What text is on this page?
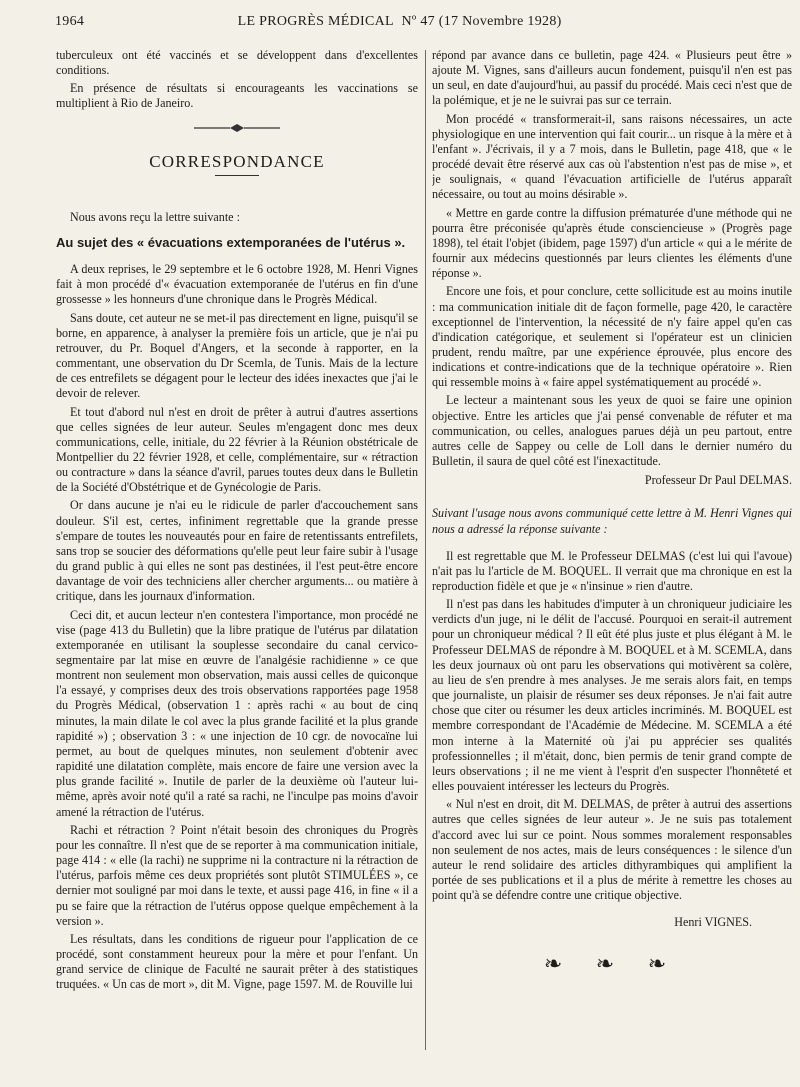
1964	LE PROGRÈS MÉDICAL Nº 47 (17 Novembre 1928)

tuberculeux ont été vaccinés et se développent dans d'excellentes conditions.

En présence de résultats si encourageants les vaccinations se multiplient à Rio de Janeiro.

CORRESPONDANCE

Nous avons reçu la lettre suivante :

Au sujet des « évacuations extemporanées de l'utérus ».

A deux reprises, le 29 septembre et le 6 octobre 1928, M. Henri Vignes fait à mon procédé d'« évacuation extemporanée de l'utérus en fin d'une grossesse » les honneurs d'une chronique dans le Progrès Médical.

Sans doute, cet auteur ne se met-il pas directement en ligne, puisqu'il se borne, en apparence, à analyser la première fois un article, que je n'ai pu retrouver, du Pr. Boquel d'Angers, et la seconde à rapporter, en la commentant, une observation du Dr Scemla, de Tunis. Mais de la lecture de ces entrefilets se dégagent pour le lecteur des idées inexactes que j'ai le devoir de relever.

Et tout d'abord nul n'est en droit de prêter à autrui d'autres assertions que celles signées de leur auteur. Seules m'engagent donc mes deux communications, celle, initiale, du 22 février à la Réunion obstétricale de Montpellier du 22 février 1928, et celle, complémentaire, sur « rétraction ou contracture » dans la séance d'avril, parues toutes deux dans le Bulletin de la Société d'Obstétrique et de Gynécologie de Paris.

Or dans aucune je n'ai eu le ridicule de parler d'accouchement sans douleur. S'il est, certes, infiniment regrettable que la grande presse s'empare de toutes les nouveautés pour en faire de retentissants entrefilets, sans trop se soucier des déformations qu'elle peut leur faire subir à l'usage du grand public à qui elles ne sont pas destinées, il l'est peut-être encore davantage de voir des techniciens aller chercher arguments... ou matière à critique, dans les journaux d'information.

Ceci dit, et aucun lecteur n'en contestera l'importance, mon procédé ne vise (page 413 du Bulletin) que la libre pratique de l'utérus par dilatation extemporanée en utilisant la souplesse secondaire du canal cervico-segmentaire par lat mise en œuvre de l'analgésie rachidienne » ce que montrent non seulement mon observation, mais aussi celles de quiconque l'a essayé, y comprises deux des trois observations rapportées page 1958 du Progrès Médical, (observation 1 : après rachi « au bout de cinq minutes, la main dilate le col avec la plus grande facilité et la plus grande rapidité ») ; observation 3 : « une injection de 10 cgr. de novocaïne lui permet, au bout de quelques minutes, non seulement d'obtenir avec rapidité une dilatation complète, mais encore de faire une version avec la plus grande facilité ». Inutile de parler de la deuxième où l'auteur lui-même, après avoir noté qu'il a raté sa rachi, ne l'inculpe pas moins d'avoir amené la rétraction de l'utérus.

Rachi et rétraction ? Point n'était besoin des chroniques du Progrès pour les connaître. Il n'est que de se reporter à ma communication initiale, page 414 : « elle (la rachi) ne supprime ni la contracture ni la rétraction de l'utérus, parfois même ces deux propriétés sont plutôt STIMULÉES », ce dernier mot souligné par moi dans le texte, et aussi page 416, in fine « il a pu se faire que la rétraction de l'utérus oppose quelque empêchement à la version ».

Les résultats, dans les conditions de rigueur pour l'application de ce procédé, sont constamment heureux pour la mère et pour l'enfant. Un grand service de clinique de Faculté ne saurait prêter à des statistiques truquées. « Un cas de mort », dit M. Vigne, page 1597. M. de Rouville lui

répond par avance dans ce bulletin, page 424. « Plusieurs peut être » ajoute M. Vignes, sans d'ailleurs aucun fondement, puisqu'il n'en est pas un seul, en date d'aujourd'hui, au passif du procédé. Mais ceci n'est que de la polémique, et je ne le suivrai pas sur ce terrain.

Mon procédé « transformerait-il, sans raisons nécessaires, un acte physiologique en une intervention qui fait courir... un risque à la mère et à l'enfant ». J'écrivais, il y a 7 mois, dans le Bulletin, page 418, que « le procédé devait être réservé aux cas où l'abstention n'est pas de mise », et je soulignais, « quand l'évacuation artificielle de l'utérus apparaît nécessaire, ou tout au moins désirable ».

« Mettre en garde contre la diffusion prématurée d'une méthode qui ne pourra être préconisée qu'après étude consciencieuse » (Progrès page 1898), tel était l'objet (ibidem, page 1597) d'un article « qui a le mérite de fournir aux médecins questionnés par leurs clientes les éléments d'une réponse ».

Encore une fois, et pour conclure, cette sollicitude est au moins inutile : ma communication initiale dit de façon formelle, page 420, le caractère exceptionnel de l'intervention, la nécessité de n'y faire appel qu'en cas d'indication catégorique, et seulement si l'opérateur est un clinicien prudent, rendu maître, par une expérience éprouvée, plus encore des indications et contre-indications que de la technique opératoire ». Rien qui ressemble moins à « faire appel systématiquement au procédé ».

Le lecteur a maintenant sous les yeux de quoi se faire une opinion objective. Entre les articles que j'ai pensé convenable de réfuter et ma communication, ou celles, analogues parues déjà un peu partout, entre autres celle de Sappey ou celle de Loll dans le dernier numéro du Bulletin, il saura de quel côté est l'inexactitude.

Professeur Dr Paul DELMAS.

Suivant l'usage nous avons communiqué cette lettre à M. Henri Vignes qui nous a adressé la réponse suivante :

Il est regrettable que M. le Professeur DELMAS (c'est lui qui l'avoue) n'ait pas lu l'article de M. BOQUEL. Il verrait que ma chronique en est la reproduction fidèle et que je « n'insinue » rien d'autre.

Il n'est pas dans les habitudes d'imputer à un chroniqueur judiciaire les verdicts d'un juge, ni le délit de l'accusé. Pourquoi en serait-il autrement pour un chroniqueur médical ? Il eût été plus juste et plus élégant à M. le Professeur DELMAS de répondre à M. BOQUEL et à M. SCEMLA, dans les deux journaux où ont paru les observations qui motivèrent sa colère, au lieu de s'en prendre à mes analyses. Je me serais alors fait, en temps que journaliste, un plaisir de résumer ses deux réponses. Je n'ai fait autre chose que citer ou résumer les deux articles incriminés. M. BOQUEL est membre correspondant de l'Académie de Médecine. M. SCEMLA a été mon interne à la Maternité où j'ai pu apprécier ses qualités professionnelles ; il m'était, donc, bien permis de tenir grand compte de leurs observations ; il ne me vient à l'esprit d'en suspecter l'honnêteté et elles pouvaient intéresser les lecteurs du Progrès.

« Nul n'est en droit, dit M. DELMAS, de prêter à autrui des assertions autres que celles signées de leur auteur ». Je ne suis pas totalement d'accord avec lui sur ce point. Nous sommes moralement responsables non seulement de nos actes, mais de leurs conséquences : le silence d'un auteur le rend solidaire des articles dithyrambiques qui amplifient la portée de ses publications et il a plus de mérite à remettre les choses au point qu'à se défendre contre une critique objective.

Henri VIGNES.

❧ ❧ ❧
